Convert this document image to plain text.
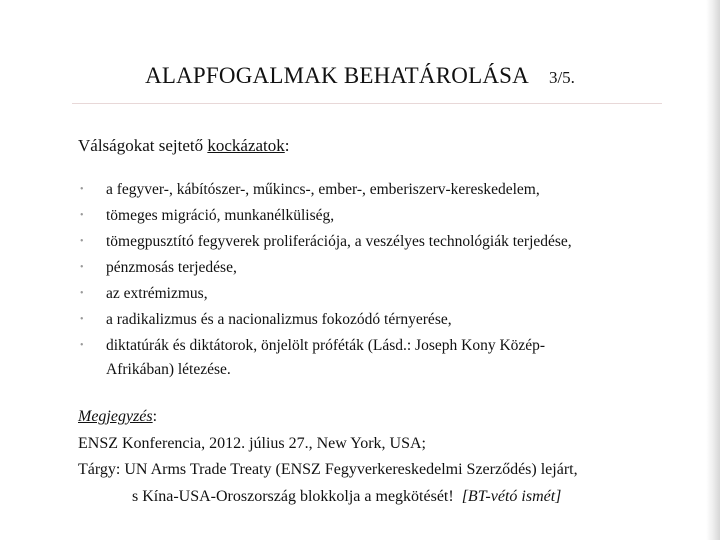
ALAPFOGALMAK BEHATÁROLÁSA 3/5.
Válságokat sejtető kockázatok:
• a fegyver-, kábítószer-, műkincs-, ember-, emberiszerv-kereskedelem,
• tömeges migráció, munkanélküliség,
• tömegpusztító fegyverek proliferációja, a veszélyes technológiák terjedése,
• pénzmosás terjedése,
• az extrémizmus,
• a radikalizmus és a nacionalizmus fokozódó térnyerése,
• diktatúrák és diktátorok, önjelölt próféták (Lásd.: Joseph Kony Közép-
Afrikában) létezése.
Megjegyzés:
ENSZ Konferencia, 2012. július 27., New York, USA;
Tárgy: UN Arms Trade Treaty (ENSZ Fegyverkereskedelmi Szerződés) lejárt,
s Kína-USA-Oroszország blokkolja a megkötését! [BT-vétó ismét]
